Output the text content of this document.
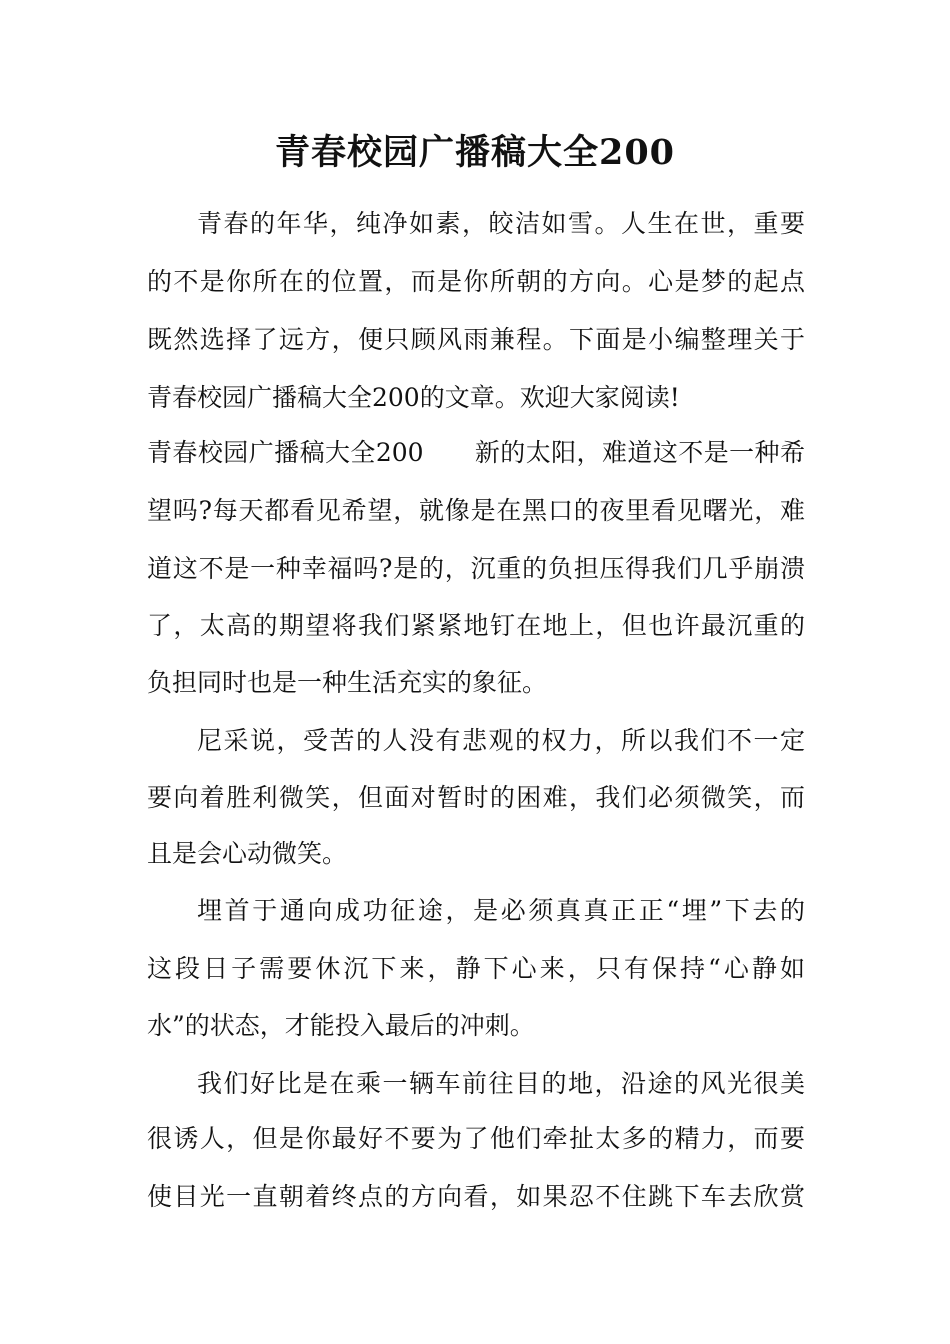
青春校园广播稿大全200
青春的年华，纯净如素，皎洁如雪。人生在世，重要
的不是你所在的位置，而是你所朝的方向。心是梦的起点
既然选择了远方，便只顾风雨兼程。下面是小编整理关于
青春校园广播稿大全200的文章。欢迎大家阅读!
青春校园广播稿大全200　　新的太阳，难道这不是一种希
望吗?每天都看见希望，就像是在黑口的夜里看见曙光，难
道这不是一种幸福吗?是的，沉重的负担压得我们几乎崩溃
了，太高的期望将我们紧紧地钉在地上，但也许最沉重的
负担同时也是一种生活充实的象征。
尼采说，受苦的人没有悲观的权力，所以我们不一定
要向着胜利微笑，但面对暂时的困难，我们必须微笑，而
且是会心动微笑。
埋首于通向成功征途，是必须真真正正“埋”下去的
这段日子需要休沉下来，静下心来，只有保持“心静如
水”的状态，才能投入最后的冲刺。
我们好比是在乘一辆车前往目的地，沿途的风光很美
很诱人，但是你最好不要为了他们牵扯太多的精力，而要
使目光一直朝着终点的方向看，如果忍不住跳下车去欣赏
